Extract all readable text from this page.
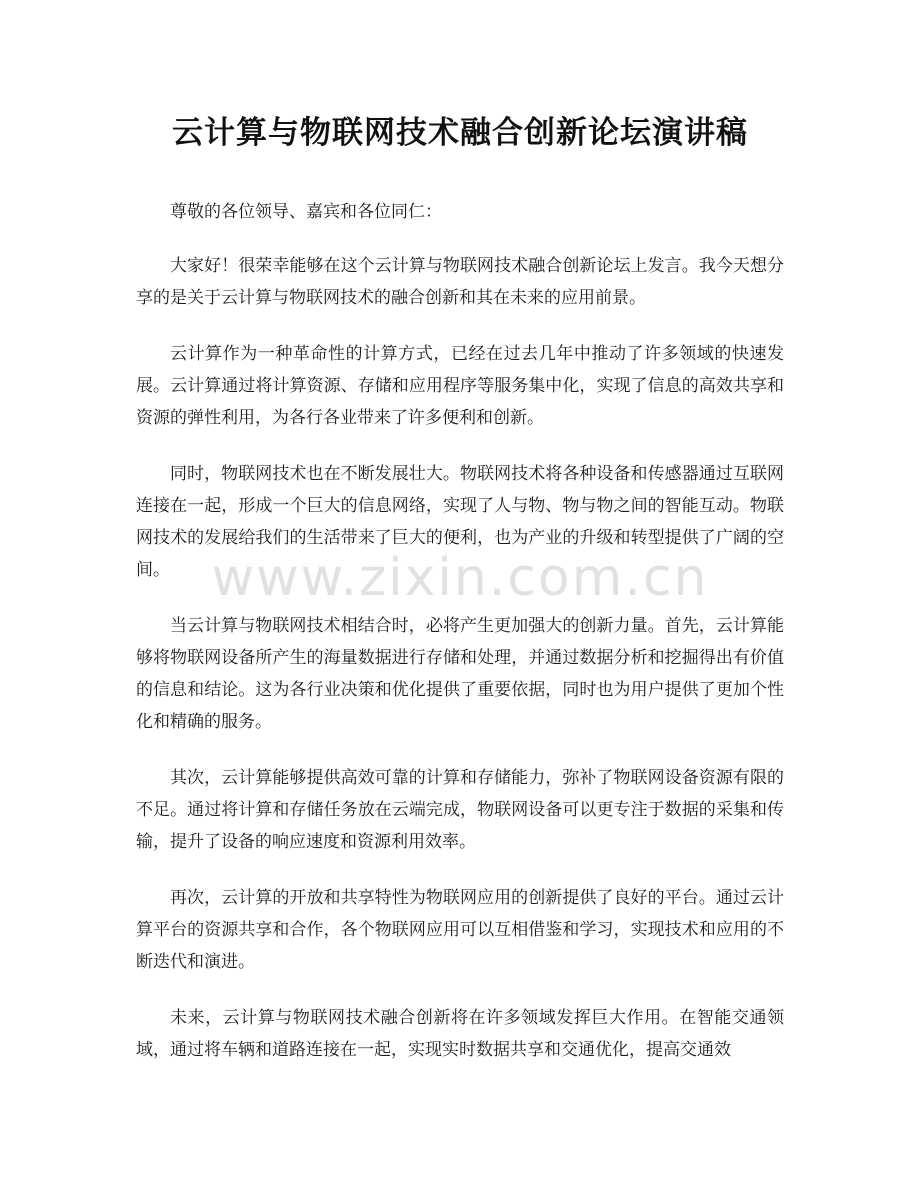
云计算与物联网技术融合创新论坛演讲稿

尊敬的各位领导、嘉宾和各位同仁：

大家好！很荣幸能够在这个云计算与物联网技术融合创新论坛上发言。我今天想分享的是关于云计算与物联网技术的融合创新和其在未来的应用前景。

云计算作为一种革命性的计算方式，已经在过去几年中推动了许多领域的快速发展。云计算通过将计算资源、存储和应用程序等服务集中化，实现了信息的高效共享和资源的弹性利用，为各行各业带来了许多便利和创新。

同时，物联网技术也在不断发展壮大。物联网技术将各种设备和传感器通过互联网连接在一起，形成一个巨大的信息网络，实现了人与物、物与物之间的智能互动。物联网技术的发展给我们的生活带来了巨大的便利，也为产业的升级和转型提供了广阔的空间。

当云计算与物联网技术相结合时，必将产生更加强大的创新力量。首先，云计算能够将物联网设备所产生的海量数据进行存储和处理，并通过数据分析和挖掘得出有价值的信息和结论。这为各行业决策和优化提供了重要依据，同时也为用户提供了更加个性化和精确的服务。

其次，云计算能够提供高效可靠的计算和存储能力，弥补了物联网设备资源有限的不足。通过将计算和存储任务放在云端完成，物联网设备可以更专注于数据的采集和传输，提升了设备的响应速度和资源利用效率。

再次，云计算的开放和共享特性为物联网应用的创新提供了良好的平台。通过云计算平台的资源共享和合作，各个物联网应用可以互相借鉴和学习，实现技术和应用的不断迭代和演进。

未来，云计算与物联网技术融合创新将在许多领域发挥巨大作用。在智能交通领域，通过将车辆和道路连接在一起，实现实时数据共享和交通优化，提高交通效

www.zixin.com.cn
